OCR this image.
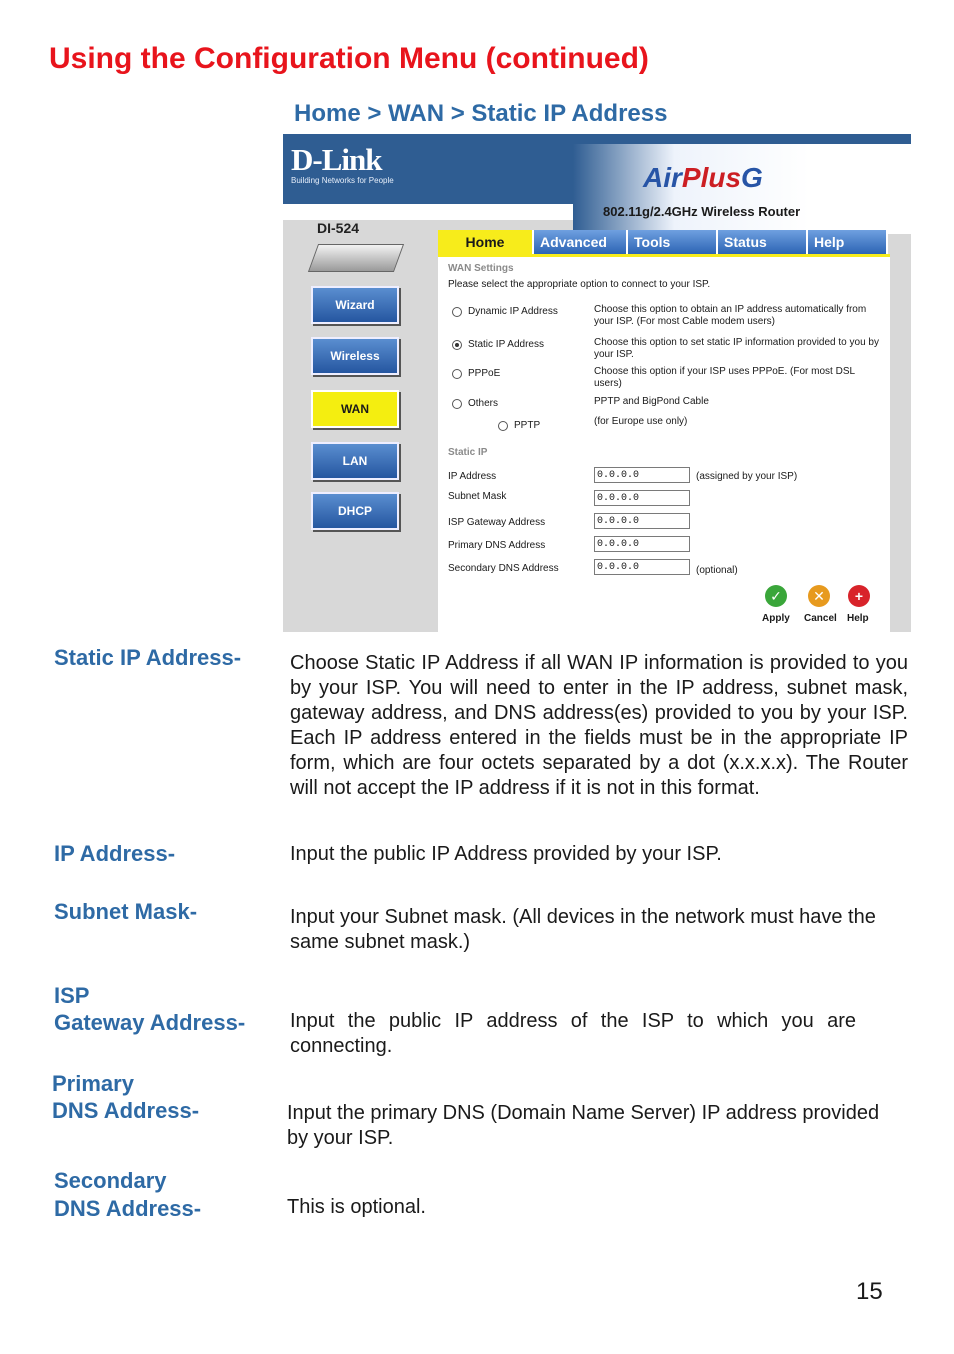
Using the Configuration Menu (continued)
Home > WAN > Static IP Address
D-Link
Building Networks for People	AirPlusG
802.11g/2.4GHz Wireless Router
DI-524
Wizard
Wireless
WAN
LAN
DHCP
Home	Advanced	Tools	Status	Help
WAN Settings
Please select the appropriate option to connect to your ISP.
Dynamic IP Address	Choose this option to obtain an IP address automatically from your ISP. (For most Cable modem users)
Static IP Address	Choose this option to set static IP information provided to you by your ISP.
PPPoE	Choose this option if your ISP uses PPPoE. (For most DSL users)
Others	PPTP and BigPond Cable
PPTP	(for Europe use only)
Static IP
IP Address	0.0.0.0	(assigned by your ISP)
Subnet Mask	0.0.0.0
ISP Gateway Address	0.0.0.0
Primary DNS Address	0.0.0.0
Secondary DNS Address	0.0.0.0	(optional)
✓
Apply
✕
Cancel
+
Help
Static IP Address- Choose Static IP Address if all WAN IP information is provided to you by your ISP. You will need to enter in the IP address, subnet mask, gateway address, and DNS address(es) provided to you by your ISP. Each IP address entered in the fields must be in the appropriate IP form, which are four octets separated by a dot (x.x.x.x). The Router will not accept the IP address if it is not in this format.
IP Address-	Input the public IP Address provided by your ISP.
Subnet Mask-	Input your Subnet mask. (All devices in the network must have the same subnet mask.)
ISP
Gateway Address- Input the public IP address of the ISP to which you are connecting.
Primary
DNS Address-	Input the primary DNS (Domain Name Server) IP address provided by your ISP.
Secondary
DNS Address-	This is optional.
15
